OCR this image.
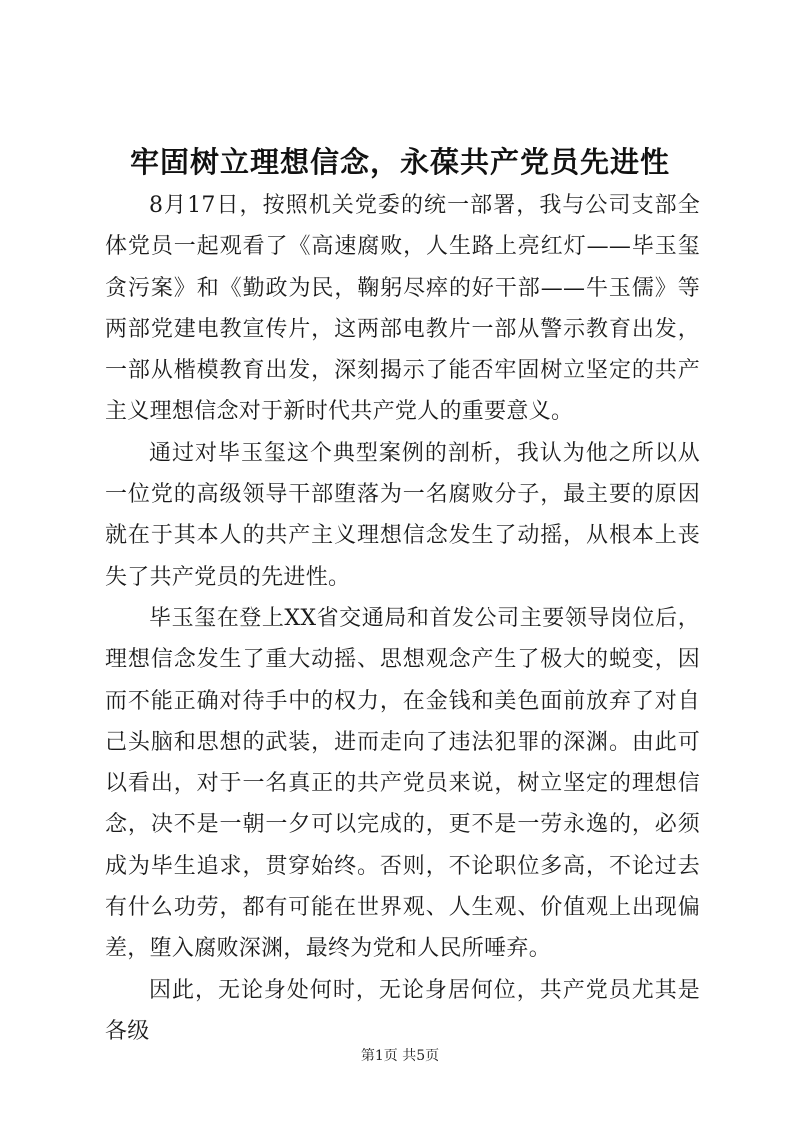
牢固树立理想信念，永葆共产党员先进性

8月17日，按照机关党委的统一部署，我与公司支部全体党员一起观看了《高速腐败，人生路上亮红灯——毕玉玺贪污案》和《勤政为民，鞠躬尽瘁的好干部——牛玉儒》等两部党建电教宣传片，这两部电教片一部从警示教育出发，一部从楷模教育出发，深刻揭示了能否牢固树立坚定的共产主义理想信念对于新时代共产党人的重要意义。

通过对毕玉玺这个典型案例的剖析，我认为他之所以从一位党的高级领导干部堕落为一名腐败分子，最主要的原因就在于其本人的共产主义理想信念发生了动摇，从根本上丧失了共产党员的先进性。

毕玉玺在登上XX省交通局和首发公司主要领导岗位后，理想信念发生了重大动摇、思想观念产生了极大的蜕变，因而不能正确对待手中的权力，在金钱和美色面前放弃了对自己头脑和思想的武装，进而走向了违法犯罪的深渊。由此可以看出，对于一名真正的共产党员来说，树立坚定的理想信念，决不是一朝一夕可以完成的，更不是一劳永逸的，必须成为毕生追求，贯穿始终。否则，不论职位多高，不论过去有什么功劳，都有可能在世界观、人生观、价值观上出现偏差，堕入腐败深渊，最终为党和人民所唾弃。

因此，无论身处何时，无论身居何位，共产党员尤其是各级

第1页 共5页
